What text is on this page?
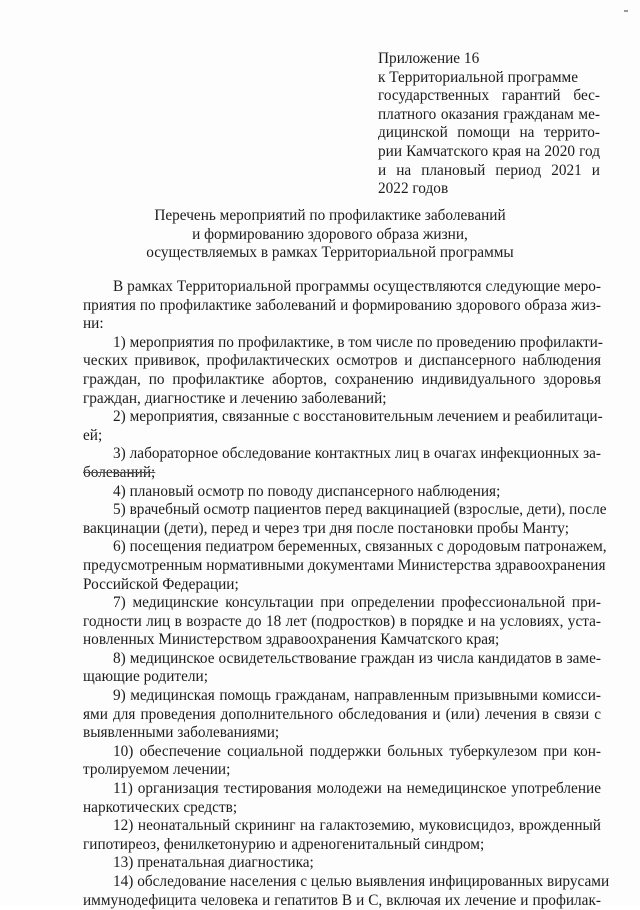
Приложение 16
к Территориальной программе
государственных гарантий бес-
платного оказания гражданам ме-
дицинской помощи на террито-
рии Камчатского края на 2020 год
и на плановый период 2021 и
2022 годов
Перечень мероприятий по профилактике заболеваний
и формированию здорового образа жизни,
осуществляемых в рамках Территориальной программы
В рамках Территориальной программы осуществляются следующие меро-
приятия по профилактике заболеваний и формированию здорового образа жиз-
ни:
1) мероприятия по профилактике, в том числе по проведению профилакти-
ческих прививок, профилактических осмотров и диспансерного наблюдения
граждан, по профилактике абортов, сохранению индивидуального здоровья
граждан, диагностике и лечению заболеваний;
2) мероприятия, связанные с восстановительным лечением и реабилитаци-
ей;
3) лабораторное обследование контактных лиц в очагах инфекционных за-
болеваний;
4) плановый осмотр по поводу диспансерного наблюдения;
5) врачебный осмотр пациентов перед вакцинацией (взрослые, дети), после
вакцинации (дети), перед и через три дня после постановки пробы Манту;
6) посещения педиатром беременных, связанных с дородовым патронажем,
предусмотренным нормативными документами Министерства здравоохранения
Российской Федерации;
7) медицинские консультации при определении профессиональной при-
годности лиц в возрасте до 18 лет (подростков) в порядке и на условиях, уста-
новленных Министерством здравоохранения Камчатского края;
8) медицинское освидетельствование граждан из числа кандидатов в заме-
щающие родители;
9) медицинская помощь гражданам, направленным призывными комисси-
ями для проведения дополнительного обследования и (или) лечения в связи с
выявленными заболеваниями;
10) обеспечение социальной поддержки больных туберкулезом при кон-
тролируемом лечении;
11) организация тестирования молодежи на немедицинское употребление
наркотических средств;
12) неонатальный скрининг на галактоземию, муковисцидоз, врожденный
гипотиреоз, фенилкетонурию и адреногенитальный синдром;
13) пренатальная диагностика;
14) обследование населения с целью выявления инфицированных вирусами
иммунодефицита человека и гепатитов В и С, включая их лечение и профилак-
